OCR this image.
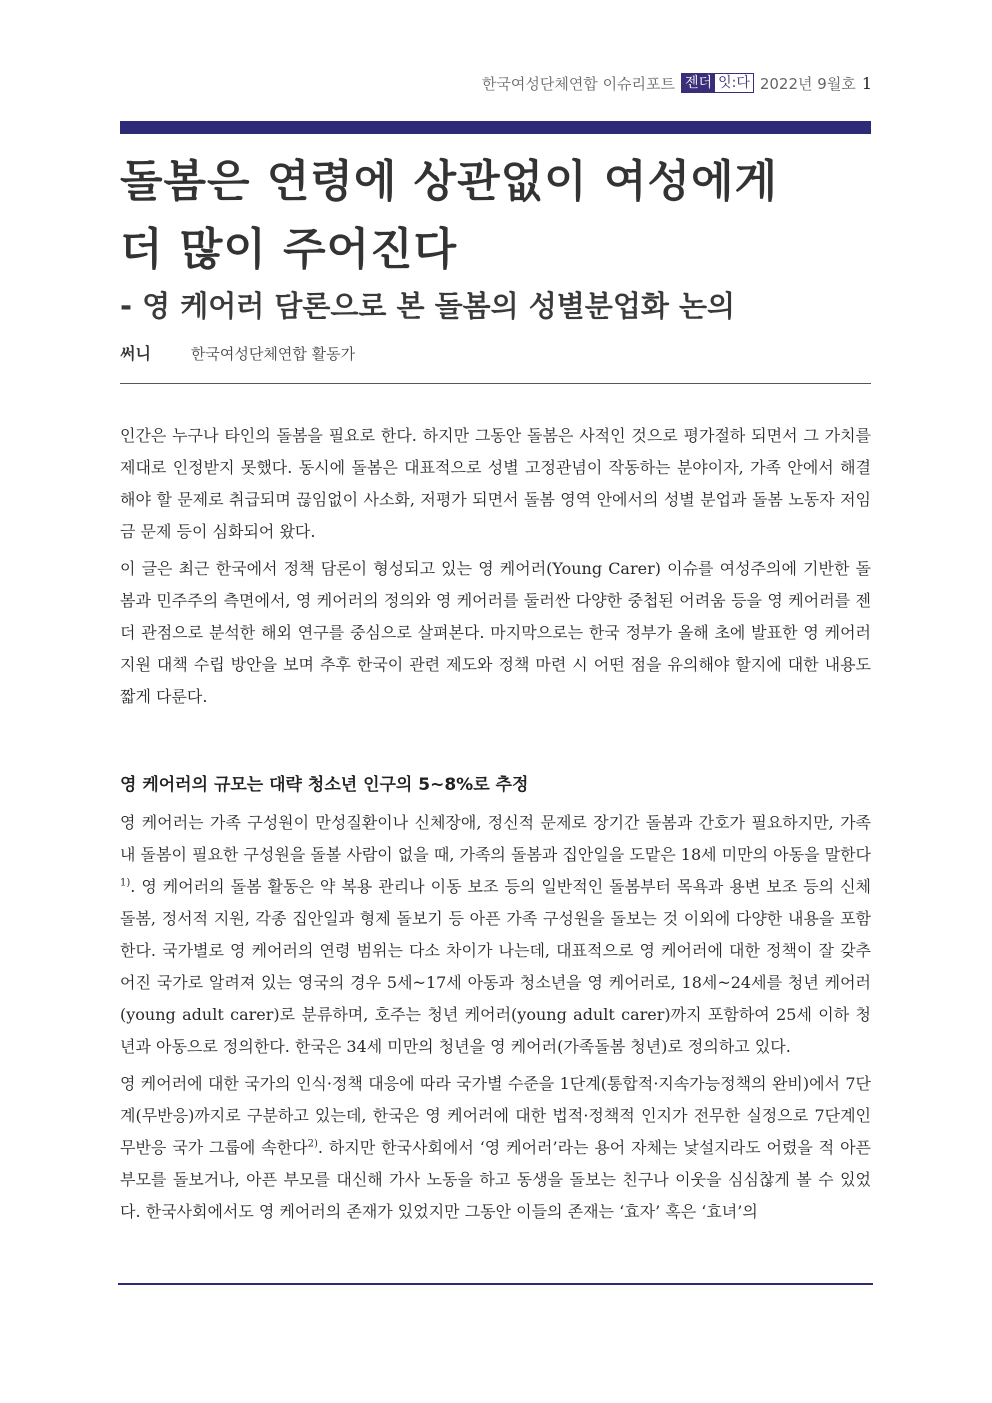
한국여성단체연합 이슈리포트 젠더 잇:다 2022년 9월호 1
돌봄은 연령에 상관없이 여성에게
더 많이 주어진다
- 영 케어러 담론으로 본 돌봄의 성별분업화 논의
써니	한국여성단체연합 활동가

인간은 누구나 타인의 돌봄을 필요로 한다. 하지만 그동안 돌봄은 사적인 것으로 평가절하 되면서 그 가치를 제대로 인정받지 못했다. 동시에 돌봄은 대표적으로 성별 고정관념이 작동하는 분야이자, 가족 안에서 해결해야 할 문제로 취급되며 끊임없이 사소화, 저평가 되면서 돌봄 영역 안에서의 성별 분업과 돌봄 노동자 저임금 문제 등이 심화되어 왔다.

이 글은 최근 한국에서 정책 담론이 형성되고 있는 영 케어러(Young Carer) 이슈를 여성주의에 기반한 돌봄과 민주주의 측면에서, 영 케어러의 정의와 영 케어러를 둘러싼 다양한 중첩된 어려움 등을 영 케어러를 젠더 관점으로 분석한 해외 연구를 중심으로 살펴본다. 마지막으로는 한국 정부가 올해 초에 발표한 영 케어러 지원 대책 수립 방안을 보며 추후 한국이 관련 제도와 정책 마련 시 어떤 점을 유의해야 할지에 대한 내용도 짧게 다룬다.

영 케어러의 규모는 대략 청소년 인구의 5~8%로 추정

영 케어러는 가족 구성원이 만성질환이나 신체장애, 정신적 문제로 장기간 돌봄과 간호가 필요하지만, 가족 내 돌봄이 필요한 구성원을 돌볼 사람이 없을 때, 가족의 돌봄과 집안일을 도맡은 18세 미만의 아동을 말한다$^{1)}$. 영 케어러의 돌봄 활동은 약 복용 관리나 이동 보조 등의 일반적인 돌봄부터 목욕과 용변 보조 등의 신체 돌봄, 정서적 지원, 각종 집안일과 형제 돌보기 등 아픈 가족 구성원을 돌보는 것 이외에 다양한 내용을 포함한다. 국가별로 영 케어러의 연령 범위는 다소 차이가 나는데, 대표적으로 영 케어러에 대한 정책이 잘 갖추어진 국가로 알려져 있는 영국의 경우 5세~17세 아동과 청소년을 영 케어러로, 18세~24세를 청년 케어러(young adult carer)로 분류하며, 호주는 청년 케어러(young adult carer)까지 포함하여 25세 이하 청년과 아동으로 정의한다. 한국은 34세 미만의 청년을 영 케어러(가족돌봄 청년)로 정의하고 있다.

영 케어러에 대한 국가의 인식·정책 대응에 따라 국가별 수준을 1단계(통합적·지속가능정책의 완비)에서 7단계(무반응)까지로 구분하고 있는데, 한국은 영 케어러에 대한 법적·정책적 인지가 전무한 실정으로 7단계인 무반응 국가 그룹에 속한다$^{2)}$. 하지만 한국사회에서 ‘영 케어러’라는 용어 자체는 낯설지라도 어렸을 적 아픈 부모를 돌보거나, 아픈 부모를 대신해 가사 노동을 하고 동생을 돌보는 친구나 이웃을 심심찮게 볼 수 있었다. 한국사회에서도 영 케어러의 존재가 있었지만 그동안 이들의 존재는 ‘효자’ 혹은 ‘효녀’의
